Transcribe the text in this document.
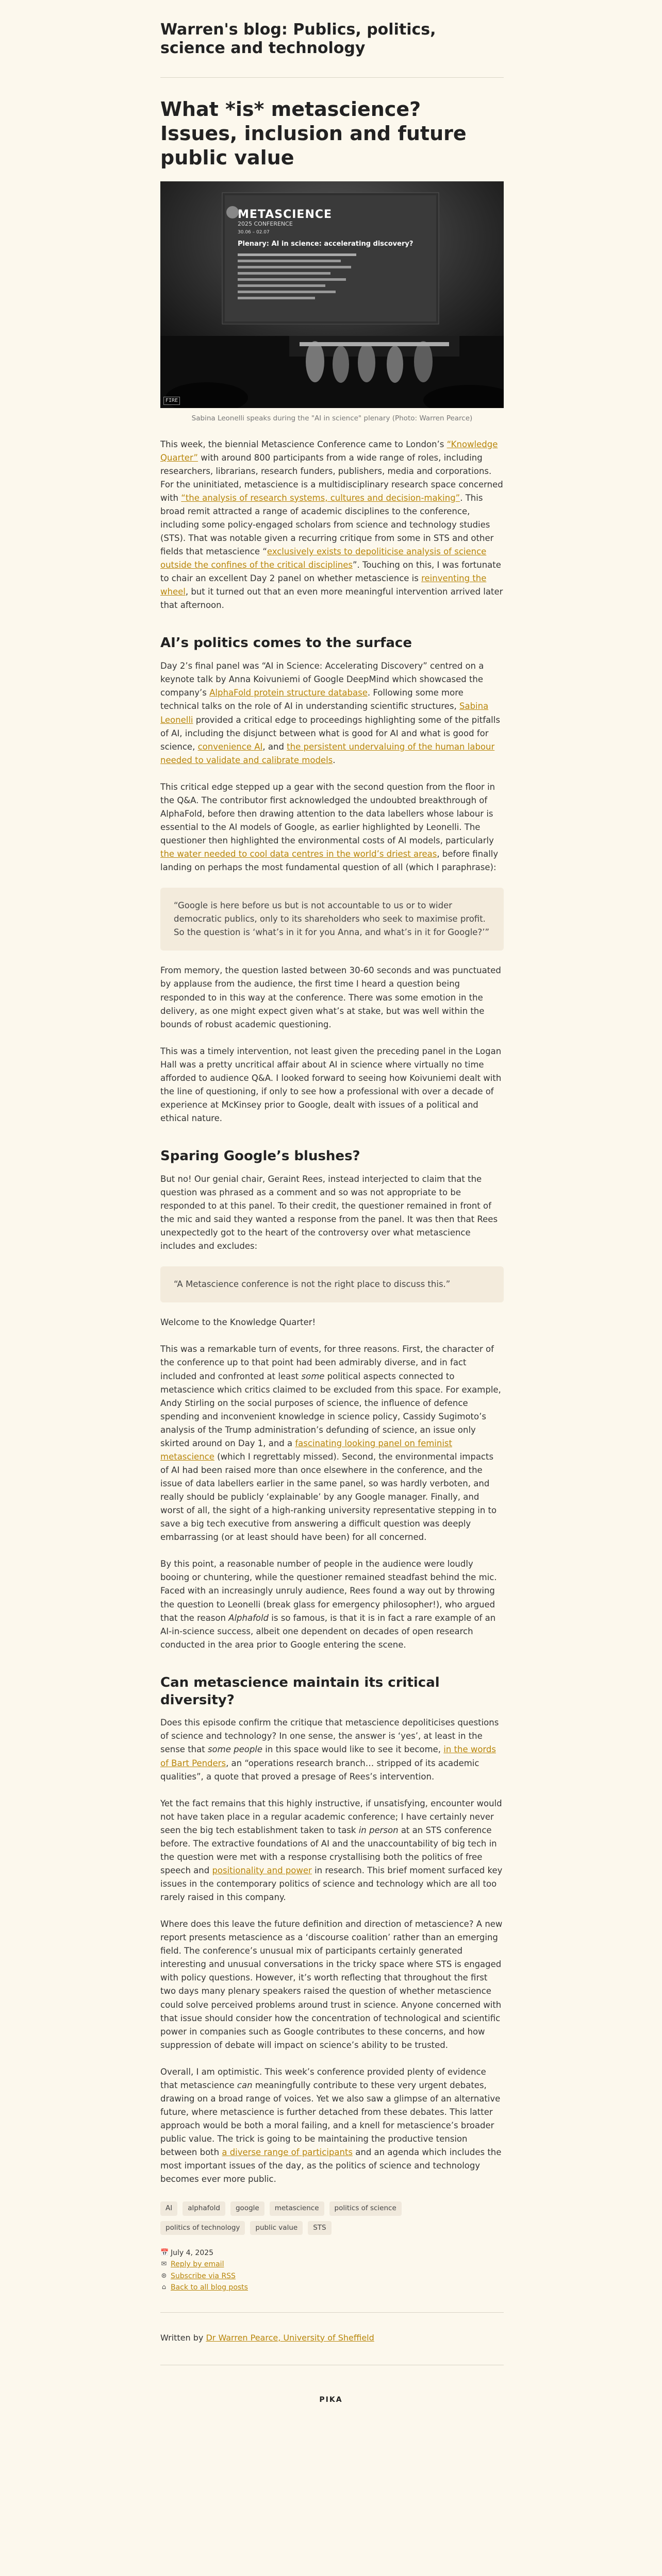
Warren's blog: Publics, politics, science and technology
What *is* metascience? Issues, inclusion and future public value
METASCIENCE
2025 CONFERENCE
30.06 – 02.07
Plenary: AI in science: accelerating discovery?
FIRE
Sabina Leonelli speaks during the "AI in science" plenary (Photo: Warren Pearce)

This week, the biennial Metascience Conference came to London’s “Knowledge Quarter” with around 800 participants from a wide range of roles, including researchers, librarians, research funders, publishers, media and corporations. For the uninitiated, metascience is a multidisciplinary research space concerned with “the analysis of research systems, cultures and decision-making”. This broad remit attracted a range of academic disciplines to the conference, including some policy-engaged scholars from science and technology studies (STS). That was notable given a recurring critique from some in STS and other fields that metascience “exclusively exists to depoliticise analysis of science outside the confines of the critical disciplines”. Touching on this, I was fortunate to chair an excellent Day 2 panel on whether metascience is reinventing the wheel, but it turned out that an even more meaningful intervention arrived later that afternoon.

AI’s politics comes to the surface

Day 2’s final panel was “AI in Science: Accelerating Discovery” centred on a keynote talk by Anna Koivuniemi of Google DeepMind which showcased the company’s AlphaFold protein structure database. Following some more technical talks on the role of AI in understanding scientific structures, Sabina Leonelli provided a critical edge to proceedings highlighting some of the pitfalls of AI, including the disjunct between what is good for AI and what is good for science, convenience AI, and the persistent undervaluing of the human labour needed to validate and calibrate models.

This critical edge stepped up a gear with the second question from the floor in the Q&A. The contributor first acknowledged the undoubted breakthrough of AlphaFold, before then drawing attention to the data labellers whose labour is essential to the AI models of Google, as earlier highlighted by Leonelli. The questioner then highlighted the environmental costs of AI models, particularly the water needed to cool data centres in the world’s driest areas, before finally landing on perhaps the most fundamental question of all (which I paraphrase):

“Google is here before us but is not accountable to us or to wider democratic publics, only to its shareholders who seek to maximise profit. So the question is ‘what’s in it for you Anna, and what’s in it for Google?’”

From memory, the question lasted between 30-60 seconds and was punctuated by applause from the audience, the first time I heard a question being responded to in this way at the conference. There was some emotion in the delivery, as one might expect given what’s at stake, but was well within the bounds of robust academic questioning.

This was a timely intervention, not least given the preceding panel in the Logan Hall was a pretty uncritical affair about AI in science where virtually no time afforded to audience Q&A. I looked forward to seeing how Koivuniemi dealt with the line of questioning, if only to see how a professional with over a decade of experience at McKinsey prior to Google, dealt with issues of a political and ethical nature.

Sparing Google’s blushes?

But no! Our genial chair, Geraint Rees, instead interjected to claim that the question was phrased as a comment and so was not appropriate to be responded to at this panel. To their credit, the questioner remained in front of the mic and said they wanted a response from the panel. It was then that Rees unexpectedly got to the heart of the controversy over what metascience includes and excludes:

“A Metascience conference is not the right place to discuss this.”

Welcome to the Knowledge Quarter!

This was a remarkable turn of events, for three reasons. First, the character of the conference up to that point had been admirably diverse, and in fact included and confronted at least some political aspects connected to metascience which critics claimed to be excluded from this space. For example, Andy Stirling on the social purposes of science, the influence of defence spending and inconvenient knowledge in science policy, Cassidy Sugimoto’s analysis of the Trump administration’s defunding of science, an issue only skirted around on Day 1, and a fascinating looking panel on feminist metascience (which I regrettably missed). Second, the environmental impacts of AI had been raised more than once elsewhere in the conference, and the issue of data labellers earlier in the same panel, so was hardly verboten, and really should be publicly ‘explainable’ by any Google manager. Finally, and worst of all, the sight of a high-ranking university representative stepping in to save a big tech executive from answering a difficult question was deeply embarrassing (or at least should have been) for all concerned.

By this point, a reasonable number of people in the audience were loudly booing or chuntering, while the questioner remained steadfast behind the mic. Faced with an increasingly unruly audience, Rees found a way out by throwing the question to Leonelli (break glass for emergency philosopher!), who argued that the reason Alphafold is so famous, is that it is in fact a rare example of an AI-in-science success, albeit one dependent on decades of open research conducted in the area prior to Google entering the scene.

Can metascience maintain its critical diversity?

Does this episode confirm the critique that metascience depoliticises questions of science and technology? In one sense, the answer is ‘yes’, at least in the sense that some people in this space would like to see it become, in the words of Bart Penders, an “operations research branch… stripped of its academic qualities”, a quote that proved a presage of Rees’s intervention.

Yet the fact remains that this highly instructive, if unsatisfying, encounter would not have taken place in a regular academic conference; I have certainly never seen the big tech establishment taken to task in person at an STS conference before. The extractive foundations of AI and the unaccountability of big tech in the question were met with a response crystallising both the politics of free speech and positionality and power in research. This brief moment surfaced key issues in the contemporary politics of science and technology which are all too rarely raised in this company.

Where does this leave the future definition and direction of metascience? A new report presents metascience as a ‘discourse coalition’ rather than an emerging field. The conference’s unusual mix of participants certainly generated interesting and unusual conversations in the tricky space where STS is engaged with policy questions. However, it’s worth reflecting that throughout the first two days many plenary speakers raised the question of whether metascience could solve perceived problems around trust in science. Anyone concerned with that issue should consider how the concentration of technological and scientific power in companies such as Google contributes to these concerns, and how suppression of debate will impact on science’s ability to be trusted.

Overall, I am optimistic. This week’s conference provided plenty of evidence that metascience can meaningfully contribute to these very urgent debates, drawing on a broad range of voices. Yet we also saw a glimpse of an alternative future, where metascience is further detached from these debates. This latter approach would be both a moral failing, and a knell for metascience’s broader public value. The trick is going to be maintaining the productive tension between both a diverse range of participants and an agenda which includes the most important issues of the day, as the politics of science and technology becomes ever more public.

AI	alphafold	google	metascience	politics of science
politics of technology	public value	STS
📅 July 4, 2025
✉ Reply by email
⊛ Subscribe via RSS
⌂ Back to all blog posts
Written by Dr Warren Pearce, University of Sheffield
PIKA
